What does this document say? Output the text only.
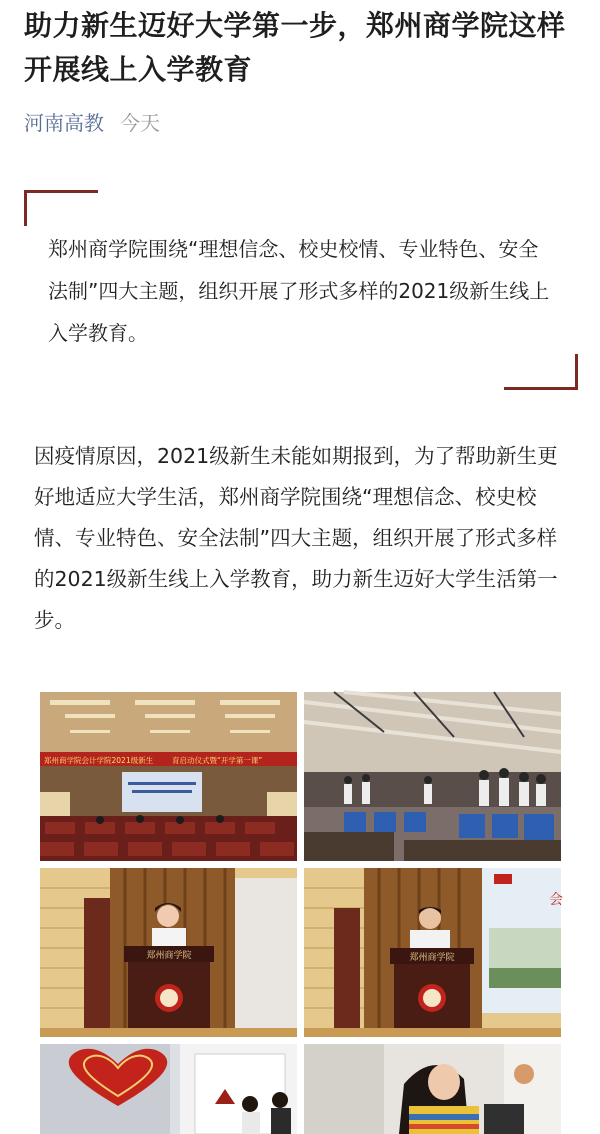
助力新生迈好大学第一步，郑州商学院这样开展线上入学教育
河南高教 今天

郑州商学院围绕“理想信念、校史校情、专业特色、安全法制”四大主题，组织开展了形式多样的2021级新生线上入学教育。

因疫情原因，2021级新生未能如期报到，为了帮助新生更好地适应大学生活，郑州商学院围绕“理想信念、校史校情、专业特色、安全法制”四大主题，组织开展了形式多样的2021级新生线上入学教育，助力新生迈好大学生活第一步。

郑州商学院会计学院2021级新生	育启动仪式暨“开学第一课”
郑州商学院
会
郑州商学院
